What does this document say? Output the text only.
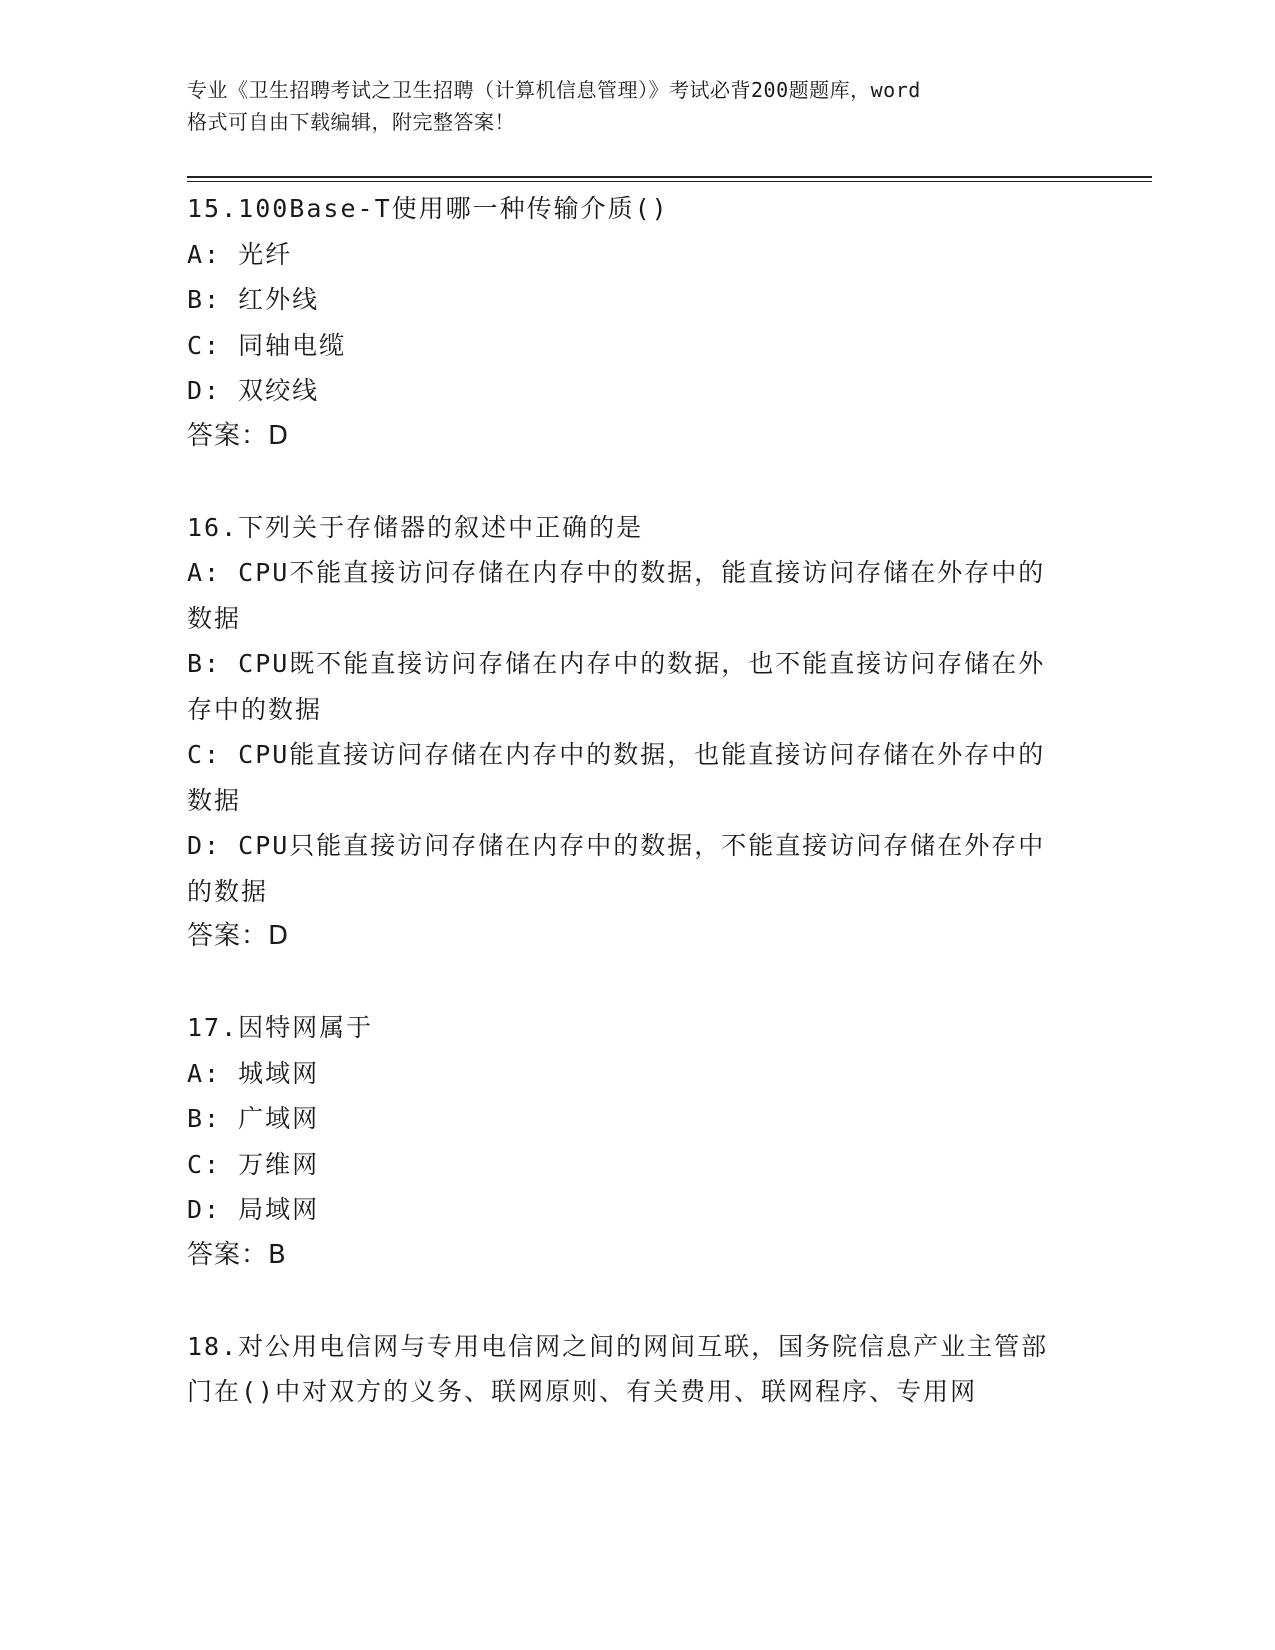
专业《卫生招聘考试之卫生招聘（计算机信息管理）》考试必背200题题库，word
格式可自由下载编辑，附完整答案！
15.100Base-T使用哪一种传输介质()
A: 光纤
B: 红外线
C: 同轴电缆
D: 双绞线
答案：D
16.下列关于存储器的叙述中正确的是
A: CPU不能直接访问存储在内存中的数据，能直接访问存储在外存中的数据
B: CPU既不能直接访问存储在内存中的数据，也不能直接访问存储在外存中的数据
C: CPU能直接访问存储在内存中的数据，也能直接访问存储在外存中的数据
D: CPU只能直接访问存储在内存中的数据，不能直接访问存储在外存中的数据
答案：D
17.因特网属于
A: 城域网
B: 广域网
C: 万维网
D: 局域网
答案：B
18.对公用电信网与专用电信网之间的网间互联，国务院信息产业主管部门在()中对双方的义务、联网原则、有关费用、联网程序、专用网
